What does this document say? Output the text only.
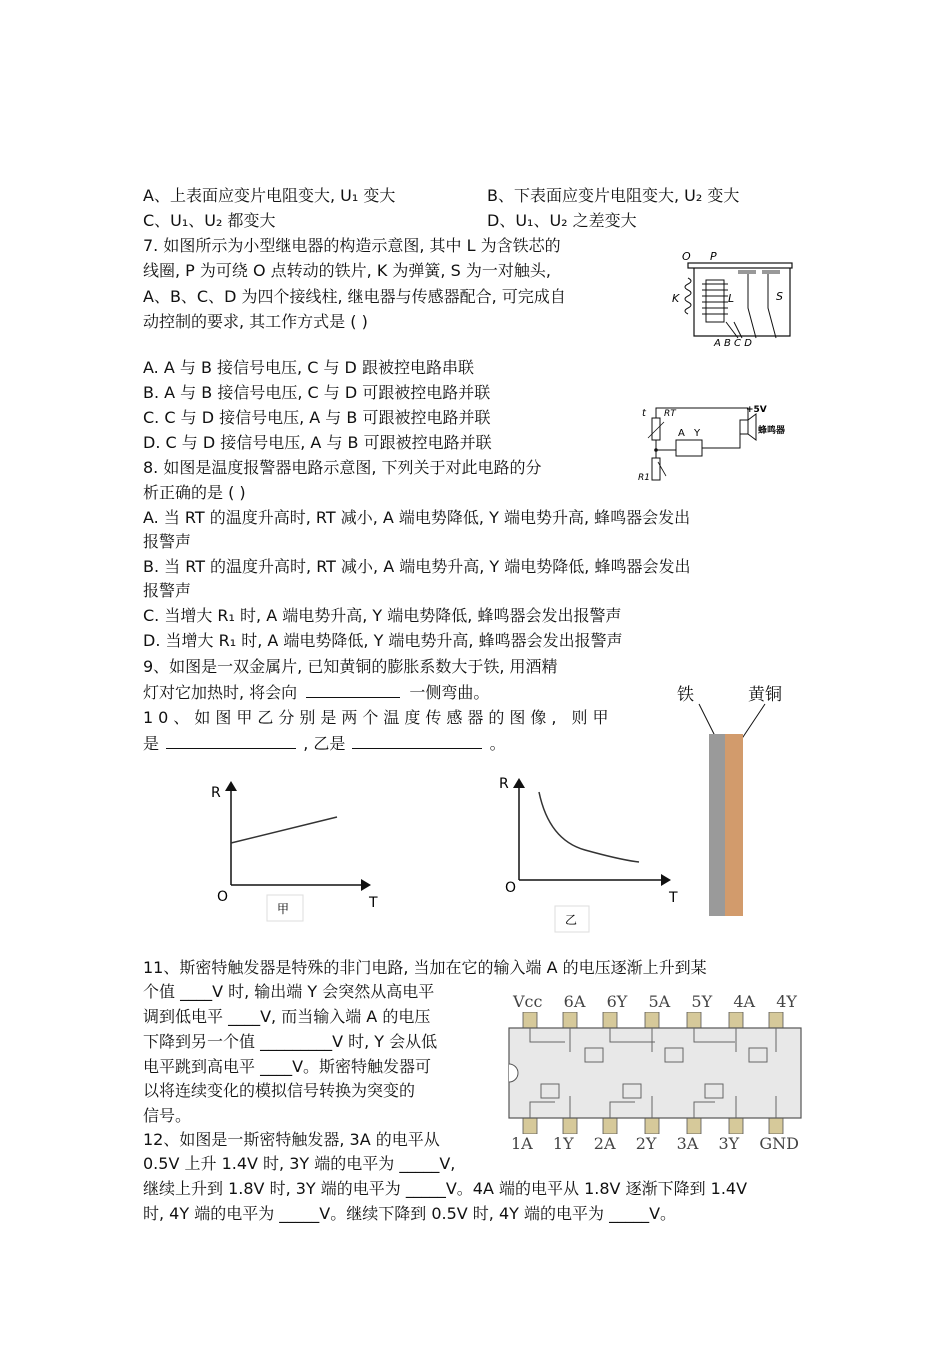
A、上表面应变片电阻变大, U₁ 变大	B、下表面应变片电阻变大, U₂ 变大
C、U₁、U₂ 都变大	D、U₁、U₂ 之差变大
7. 如图所示为小型继电器的构造示意图, 其中 L 为含铁芯的
线圈, P 为可绕 O 点转动的铁片, K 为弹簧, S 为一对触头,
A、B、C、D 为四个接线柱, 继电器与传感器配合, 可完成自
动控制的要求, 其工作方式是 ( )
O P
K	L	S
A B C D
A. A 与 B 接信号电压, C 与 D 跟被控电路串联
B. A 与 B 接信号电压, C 与 D 可跟被控电路并联
C. C 与 D 接信号电压, A 与 B 可跟被控电路并联
D. C 与 D 接信号电压, A 与 B 可跟被控电路并联
t RT	+5V
蜂鸣器
A Y
R1
8. 如图是温度报警器电路示意图, 下列关于对此电路的分
析正确的是 ( )
A. 当 RT 的温度升高时, RT 减小, A 端电势降低, Y 端电势升高, 蜂鸣器会发出
报警声
B. 当 RT 的温度升高时, RT 减小, A 端电势升高, Y 端电势降低, 蜂鸣器会发出
报警声
C. 当增大 R₁ 时, A 端电势升高, Y 端电势降低, 蜂鸣器会发出报警声
D. 当增大 R₁ 时, A 端电势降低, Y 端电势升高, 蜂鸣器会发出报警声
9、如图是一双金属片, 已知黄铜的膨胀系数大于铁, 用酒精
灯对它加热时, 将会向	一侧弯曲。	铁	黄铜
10、如图甲乙分别是两个温度传感器的图像, 则甲
是	, 乙是	。
R
O	T
甲
R
O
T
乙
11、斯密特触发器是特殊的非门电路, 当加在它的输入端 A 的电压逐渐上升到某
个值 ____V 时, 输出端 Y 会突然从高电平
调到低电平 ____V, 而当输入端 A 的电压
下降到另一个值 _________V 时, Y 会从低
电平跳到高电平 ____V。斯密特触发器可
以将连续变化的模拟信号转换为突变的
信号。
Vcc 6A 6Y 5A 5Y 4A 4Y
1A 1Y 2A 2Y 3A 3Y GND
12、如图是一斯密特触发器, 3A 的电平从
0.5V 上升 1.4V 时, 3Y 端的电平为 _____V,
继续上升到 1.8V 时, 3Y 端的电平为 _____V。4A 端的电平从 1.8V 逐渐下降到 1.4V
时, 4Y 端的电平为 _____V。继续下降到 0.5V 时, 4Y 端的电平为 _____V。
